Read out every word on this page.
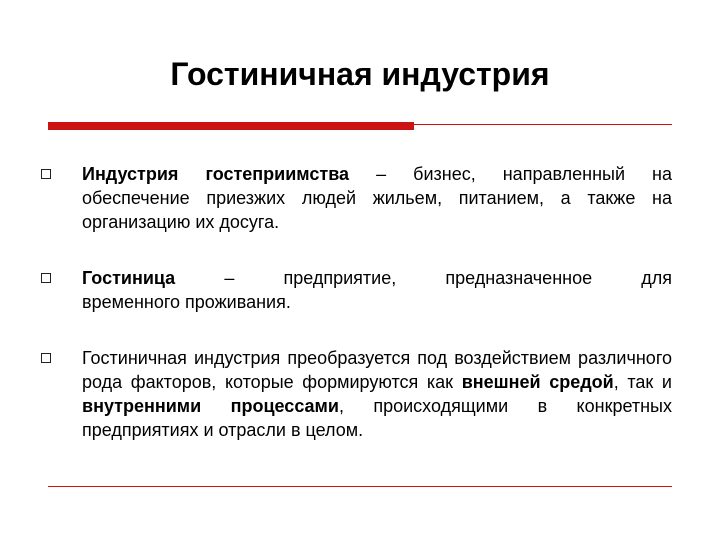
Гостиничная индустрия
Индустрия гостеприимства – бизнес, направленный на обеспечение приезжих людей жильем, питанием, а также на организацию их досуга.
Гостиница – предприятие, предназначенное для
временного проживания.
Гостиничная индустрия преобразуется под воздействием различного рода факторов, которые формируются как внешней средой, так и внутренними процессами, происходящими в конкретных предприятиях и отрасли в целом.
